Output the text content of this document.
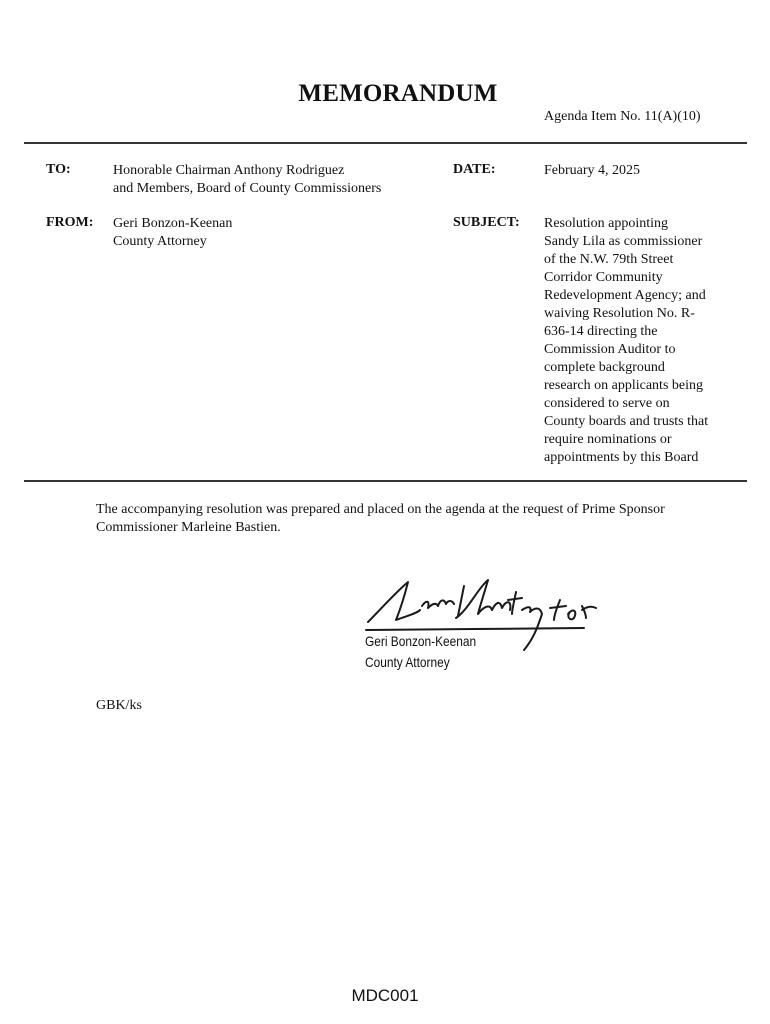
MEMORANDUM
Agenda Item No. 11(A)(10)
TO:	Honorable Chairman Anthony Rodriguez
and Members, Board of County Commissioners
DATE:	February 4, 2025
FROM: Geri Bonzon-Keenan
County Attorney
SUBJECT: Resolution appointing
Sandy Lila as commissioner
of the N.W. 79th Street
Corridor Community
Redevelopment Agency; and
waiving Resolution No. R-
636-14 directing the
Commission Auditor to
complete background
research on applicants being
considered to serve on
County boards and trusts that
require nominations or
appointments by this Board
The accompanying resolution was prepared and placed on the agenda at the request of Prime Sponsor
Commissioner Marleine Bastien.
Geri Bonzon-Keenan
County Attorney
GBK/ks
MDC001
